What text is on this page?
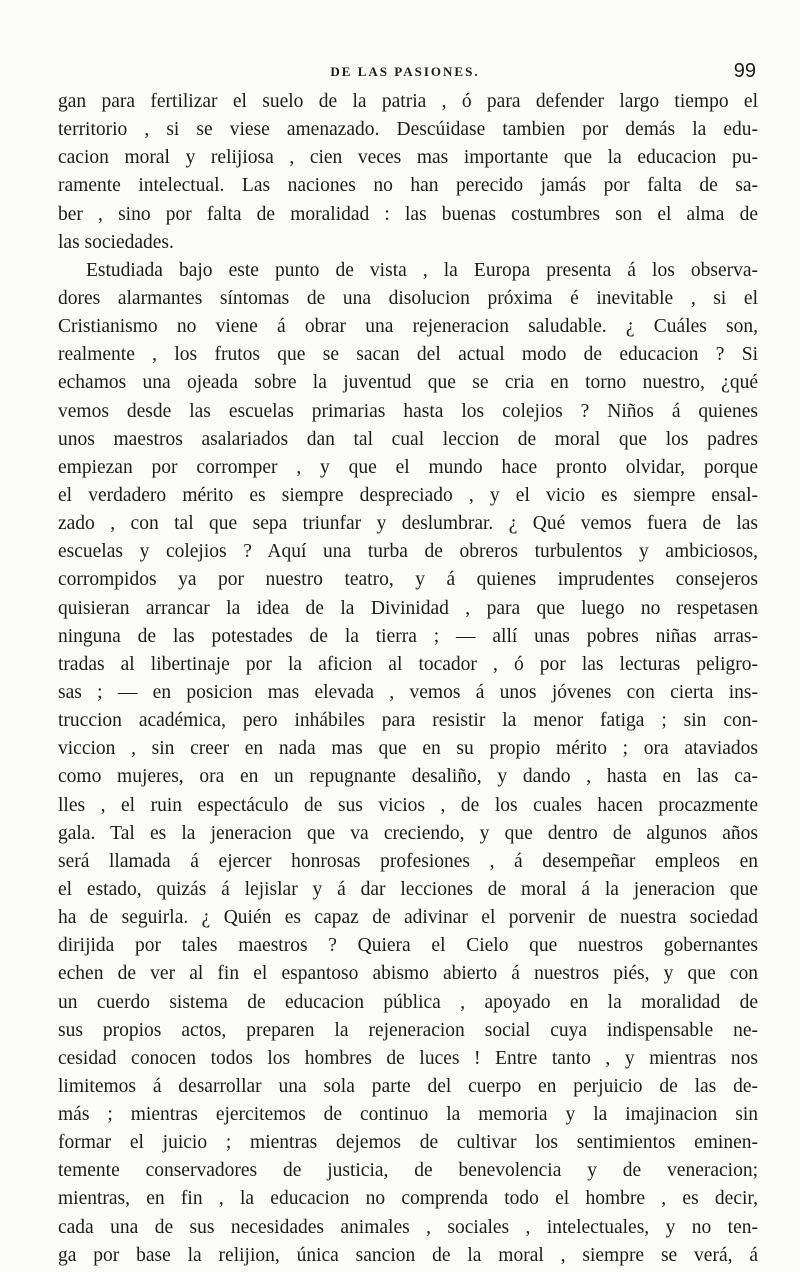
DE LAS PASIONES.	99
gan para fertilizar el suelo de la patria , ó para defender largo tiempo el
territorio , si se viese amenazado. Descúidase tambien por demás la edu-
cacion moral y relijiosa , cien veces mas importante que la educacion pu-
ramente intelectual. Las naciones no han perecido jamás por falta de sa-
ber , sino por falta de moralidad : las buenas costumbres son el alma de
las sociedades.
Estudiada bajo este punto de vista , la Europa presenta á los observa-
dores alarmantes síntomas de una disolucion próxima é inevitable , si el
Cristianismo no viene á obrar una rejeneracion saludable. ¿ Cuáles son,
realmente , los frutos que se sacan del actual modo de educacion ? Si
echamos una ojeada sobre la juventud que se cria en torno nuestro, ¿qué
vemos desde las escuelas primarias hasta los colejios ? Niños á quienes
unos maestros asalariados dan tal cual leccion de moral que los padres
empiezan por corromper , y que el mundo hace pronto olvidar, porque
el verdadero mérito es siempre despreciado , y el vicio es siempre ensal-
zado , con tal que sepa triunfar y deslumbrar. ¿ Qué vemos fuera de las
escuelas y colejios ? Aquí una turba de obreros turbulentos y ambiciosos,
corrompidos ya por nuestro teatro, y á quienes imprudentes consejeros
quisieran arrancar la idea de la Divinidad , para que luego no respetasen
ninguna de las potestades de la tierra ; — allí unas pobres niñas arras-
tradas al libertinaje por la aficion al tocador , ó por las lecturas peligro-
sas ; — en posicion mas elevada , vemos á unos jóvenes con cierta ins-
truccion académica, pero inhábiles para resistir la menor fatiga ; sin con-
viccion , sin creer en nada mas que en su propio mérito ; ora ataviados
como mujeres, ora en un repugnante desaliño, y dando , hasta en las ca-
lles , el ruin espectáculo de sus vicios , de los cuales hacen procazmente
gala. Tal es la jeneracion que va creciendo, y que dentro de algunos años
será llamada á ejercer honrosas profesiones , á desempeñar empleos en
el estado, quizás á lejislar y á dar lecciones de moral á la jeneracion que
ha de seguirla. ¿ Quién es capaz de adivinar el porvenir de nuestra sociedad
dirijida por tales maestros ? Quiera el Cielo que nuestros gobernantes
echen de ver al fin el espantoso abismo abierto á nuestros piés, y que con
un cuerdo sistema de educacion pública , apoyado en la moralidad de
sus propios actos, preparen la rejeneracion social cuya indispensable ne-
cesidad conocen todos los hombres de luces ! Entre tanto , y mientras nos
limitemos á desarrollar una sola parte del cuerpo en perjuicio de las de-
más ; mientras ejercitemos de continuo la memoria y la imajinacion sin
formar el juicio ; mientras dejemos de cultivar los sentimientos eminen-
temente conservadores de justicia, de benevolencia y de veneracion;
mientras, en fin , la educacion no comprenda todo el hombre , es decir,
cada una de sus necesidades animales , sociales , intelectuales, y no ten-
ga por base la relijion, única sancion de la moral , siempre se verá, á
